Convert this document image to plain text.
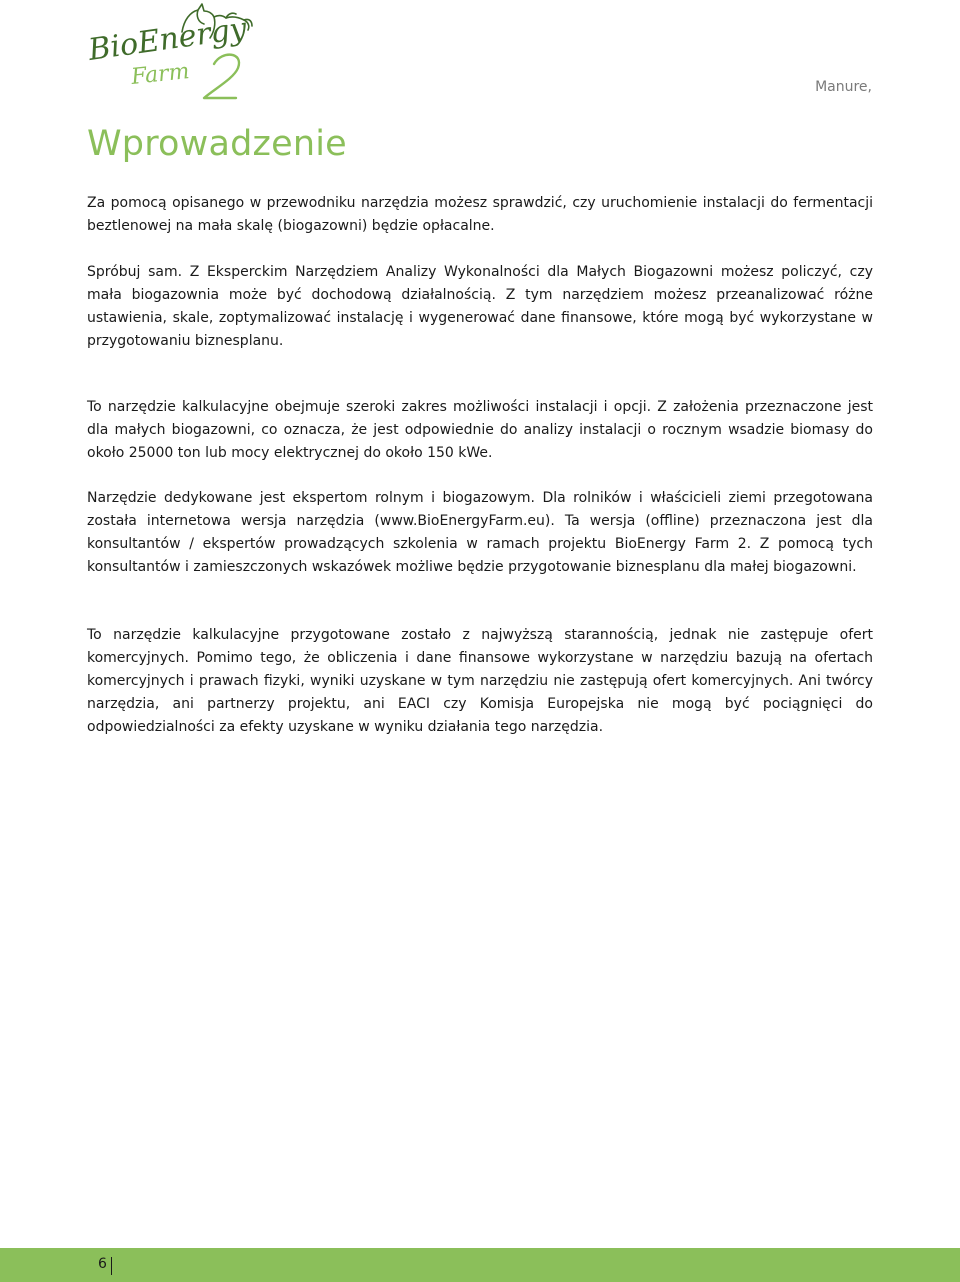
BioEnergy
Farm	Manure,
Wprowadzenie

Za pomocą opisanego w przewodniku narzędzia możesz sprawdzić, czy uruchomienie instalacji do fermentacji beztlenowej na mała skalę (biogazowni) będzie opłacalne.

Spróbuj sam. Z Eksperckim Narzędziem Analizy Wykonalności dla Małych Biogazowni możesz policzyć, czy mała biogazownia może być dochodową działalnością. Z tym narzędziem możesz przeanalizować różne ustawienia, skale, zoptymalizować instalację i wygenerować dane finansowe, które mogą być wykorzystane w przygotowaniu biznesplanu.

To narzędzie kalkulacyjne obejmuje szeroki zakres możliwości instalacji i opcji. Z założenia przeznaczone jest dla małych biogazowni, co oznacza, że jest odpowiednie do analizy instalacji o rocznym wsadzie biomasy do około 25000 ton lub mocy elektrycznej do około 150 kWe.

Narzędzie dedykowane jest ekspertom rolnym i biogazowym. Dla rolników i właścicieli ziemi przegotowana została internetowa wersja narzędzia (www.BioEnergyFarm.eu). Ta wersja (offline) przeznaczona jest dla konsultantów / ekspertów prowadzących szkolenia w ramach projektu BioEnergy Farm 2. Z pomocą tych konsultantów i zamieszczonych wskazówek możliwe będzie przygotowanie biznesplanu dla małej biogazowni.

To narzędzie kalkulacyjne przygotowane zostało z najwyższą starannością, jednak nie zastępuje ofert komercyjnych. Pomimo tego, że obliczenia i dane finansowe wykorzystane w narzędziu bazują na ofertach komercyjnych i prawach fizyki, wyniki uzyskane w tym narzędziu nie zastępują ofert komercyjnych. Ani twórcy narzędzia, ani partnerzy projektu, ani EACI czy Komisja Europejska nie mogą być pociągnięci do odpowiedzialności za efekty uzyskane w wyniku działania tego narzędzia.

6
